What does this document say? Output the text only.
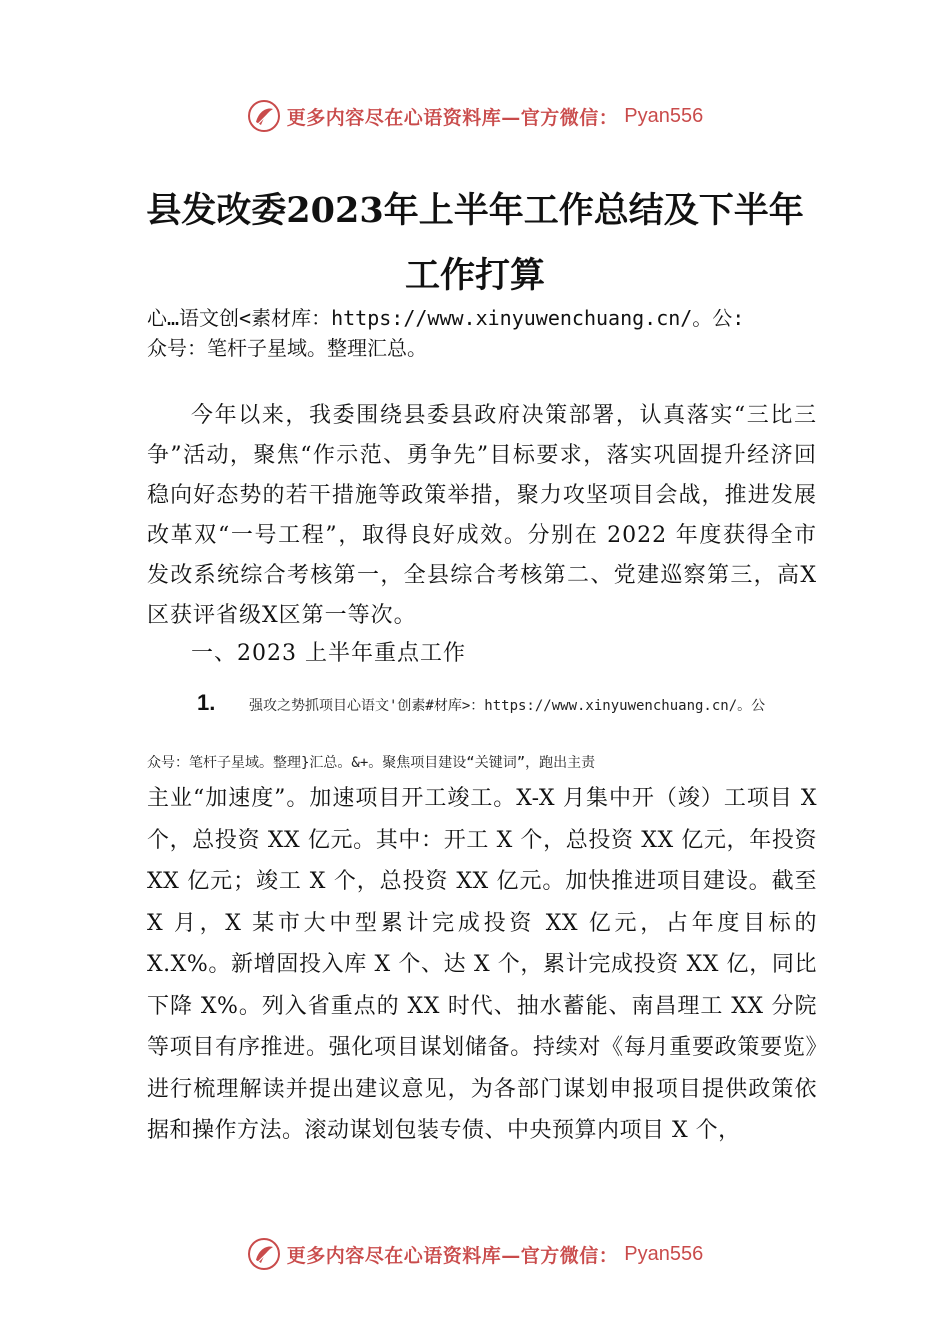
更多内容尽在心语资料库—官方微信： Pyan556
县发改委2023年上半年工作总结及下半年
工作打算
心…语文创<素材库：https://www.xinyuwenchuang.cn/。公:
众号：笔杆子星域。整理汇总。

今年以来，我委围绕县委县政府决策部署，认真落实“三比三争”活动，聚焦“作示范、勇争先”目标要求，落实巩固提升经济回稳向好态势的若干措施等政策举措，聚力攻坚项目会战，推进发展改革双“一号工程”，取得良好成效。分别在 2022 年度获得全市发改系统综合考核第一，全县综合考核第二、党建巡察第三，高X区获评省级X区第一等次。

一、2023 上半年重点工作
1.	强攻之势抓项目心语文'创素#材库>：https://www.xinyuwenchuang.cn/。公
众号：笔杆子星域。整理}汇总。&+。聚焦项目建设“关键词”，跑出主责

主业“加速度”。加速项目开工竣工。X-X 月集中开（竣）工项目 X 个，总投资 XX 亿元。其中：开工 X 个，总投资 XX 亿元，年投资 XX 亿元；竣工 X 个，总投资 XX 亿元。加快推进项目建设。截至 X 月，X 某市大中型累计完成投资 XX 亿元，占年度目标的 X.X%。新增固投入库 X 个、达 X 个，累计完成投资 XX 亿，同比下降 X%。列入省重点的 XX 时代、抽水蓄能、南昌理工 XX 分院等项目有序推进。强化项目谋划储备。持续对《每月重要政策要览》进行梳理解读并提出建议意见，为各部门谋划申报项目提供政策依据和操作方法。滚动谋划包装专债、中央预算内项目 X 个，

更多内容尽在心语资料库—官方微信： Pyan556
